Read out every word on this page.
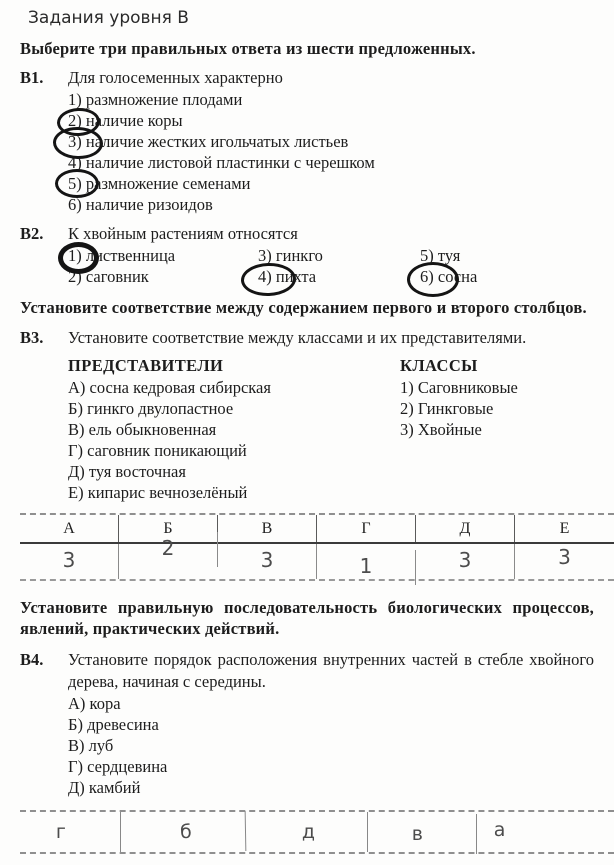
Задания уровня В
Выберите три правильных ответа из шести предложенных.
В1.	Для голосеменных характерно
1) размножение плодами
2) наличие коры
3) наличие жестких игольчатых листьев
4) наличие листовой пластинки с черешком
5) размножение семенами
6) наличие ризоидов
В2.	К хвойным растениям относятся
1) лиственница
2) саговник
3) гинкго
4) пихта
5) туя
6) сосна
Установите соответствие между содержанием первого и второго столбцов.
В3.	Установите соответствие между классами и их представителями.
ПРЕДСТАВИТЕЛИ
А) сосна кедровая сибирская
Б) гинкго двулопастное
В) ель обыкновенная
Г) саговник поникающий
Д) туя восточная
Е) кипарис вечнозелёный
КЛАССЫ
1) Саговниковые
2) Гинкговые
3) Хвойные
А	Б	В	Г	Д	Е
3	2	3	1	3	3
Установите правильную последовательность биологических процессов, явлений, практических действий.
В4.	Установите порядок расположения внутренних частей в стебле хвойного дерева, начиная с середины.
А) кора
Б) древесина
В) луб
Г) сердцевина
Д) камбий
г	б	д	в	а
